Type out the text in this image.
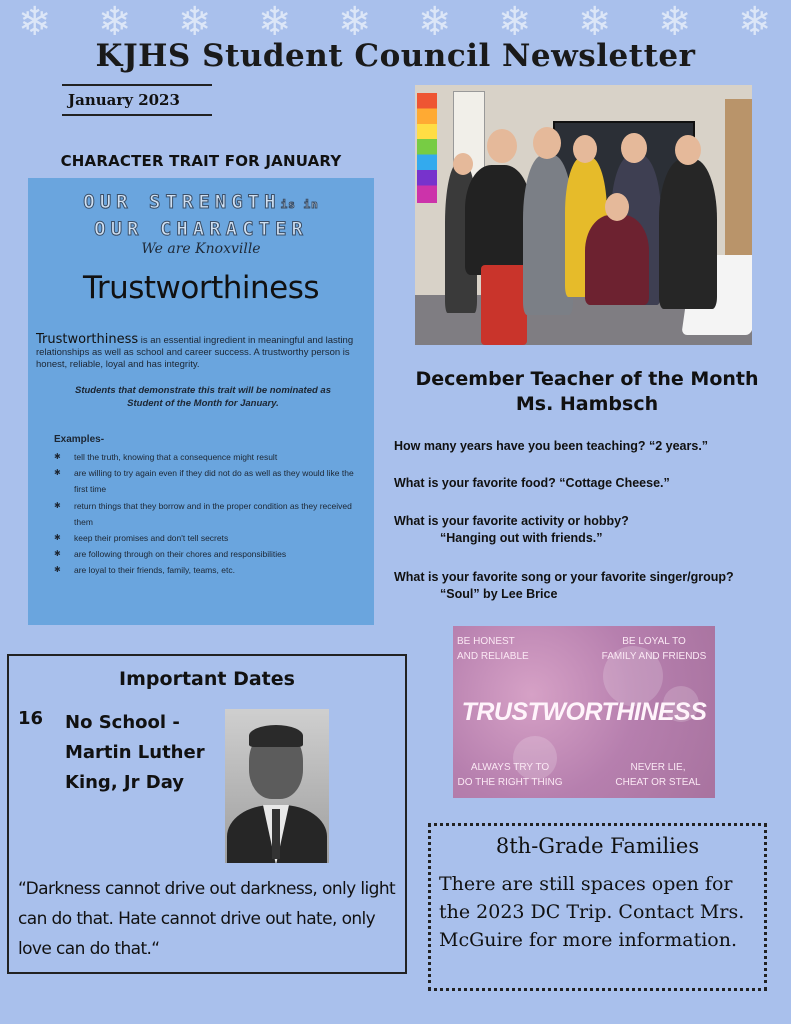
❄ ❄ ❄ ❄ ❄ ❄ ❄ ❄ ❄ ❄
KJHS Student Council Newsletter
January 2023
CHARACTER TRAIT FOR JANUARY
OUR STRENGTHis in
OUR CHARACTER
We are Knoxville
Trustworthiness
Trustworthiness is an essential ingredient in meaningful and lasting relationships as well as school and career success. A trustworthy person is honest, reliable, loyal and has integrity.
Students that demonstrate this trait will be nominated as Student of the Month for January.
Examples-
✱ tell the truth, knowing that a consequence might result
✱ are willing to try again even if they did not do as well as they would like the first time
✱ return things that they borrow and in the proper condition as they received them
✱ keep their promises and don't tell secrets
✱ are following through on their chores and responsibilities
✱ are loyal to their friends, family, teams, etc.
December Teacher of the Month
Ms. Hambsch
How many years have you been teaching? “2 years.”
What is your favorite food? “Cottage Cheese.”
What is your favorite activity or hobby?
“Hanging out with friends.”
What is your favorite song or your favorite singer/group?
“Soul” by Lee Brice
BE HONEST
AND RELIABLE
BE LOYAL TO
FAMILY AND FRIENDS
TRUSTWORTHINESS
ALWAYS TRY TO
DO THE RIGHT THING
NEVER LIE,
CHEAT OR STEAL
Important Dates
16 No School - Martin Luther King, Jr Day
“Darkness cannot drive out darkness, only light can do that. Hate cannot drive out hate, only love can do that.“
8th-Grade Families
There are still spaces open for the 2023 DC Trip. Contact Mrs. McGuire for more information.
